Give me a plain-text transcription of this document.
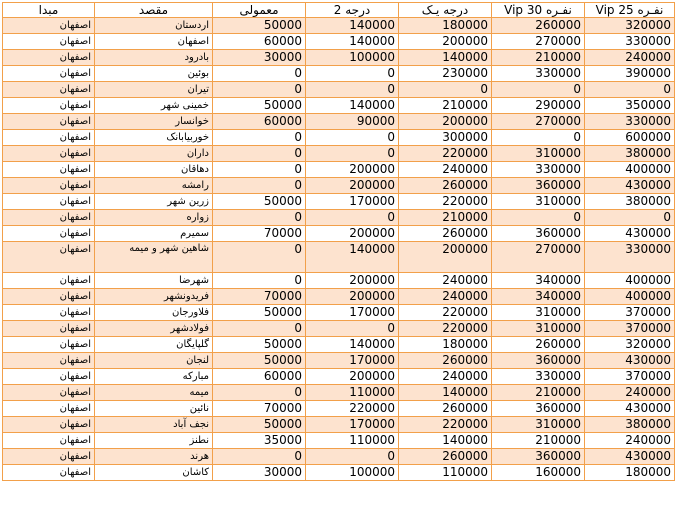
نفـره 25 Vip	نفـره 30 Vip	درجه یـک	درجه 2	معمولی	مقصد	مبدا
320000	260000	180000	140000	50000	اردستان	اصفهان
330000	270000	200000	140000	60000	اصفهان	اصفهان
240000	210000	140000	100000	30000	بادرود	اصفهان
390000	330000	230000	0	0	بوئین	اصفهان
0	0	0	0	0	تیران	اصفهان
350000	290000	210000	140000	50000	خمینی شهر	اصفهان
330000	270000	200000	90000	60000	خوانسار	اصفهان
600000	0	300000	0	0	خوربیابانک	اصفهان
380000	310000	220000	0	0	داران	اصفهان
400000	330000	240000	200000	0	دهاقان	اصفهان
430000	360000	260000	200000	0	رامشه	اصفهان
380000	310000	220000	170000	50000	زرین شهر	اصفهان
0	0	210000	0	0	زواره	اصفهان
430000	360000	260000	200000	70000	سمیرم	اصفهان
330000	270000	200000	140000	0	شاهین شهر و میمه	اصفهان
400000	340000	240000	200000	0	شهرضا	اصفهان
400000	340000	240000	200000	70000	فریدونشهر	اصفهان
370000	310000	220000	170000	50000	فلاورجان	اصفهان
370000	310000	220000	0	0	فولادشهر	اصفهان
320000	260000	180000	140000	50000	گلپایگان	اصفهان
430000	360000	260000	170000	50000	لنجان	اصفهان
370000	330000	240000	200000	60000	مبارکه	اصفهان
240000	210000	140000	110000	0	میمه	اصفهان
430000	360000	260000	220000	70000	نائین	اصفهان
380000	310000	220000	170000	50000	نجف آباد	اصفهان
240000	210000	140000	110000	35000	نطنز	اصفهان
430000	360000	260000	0	0	هرند	اصفهان
180000	160000	110000	100000	30000	کاشان	اصفهان
